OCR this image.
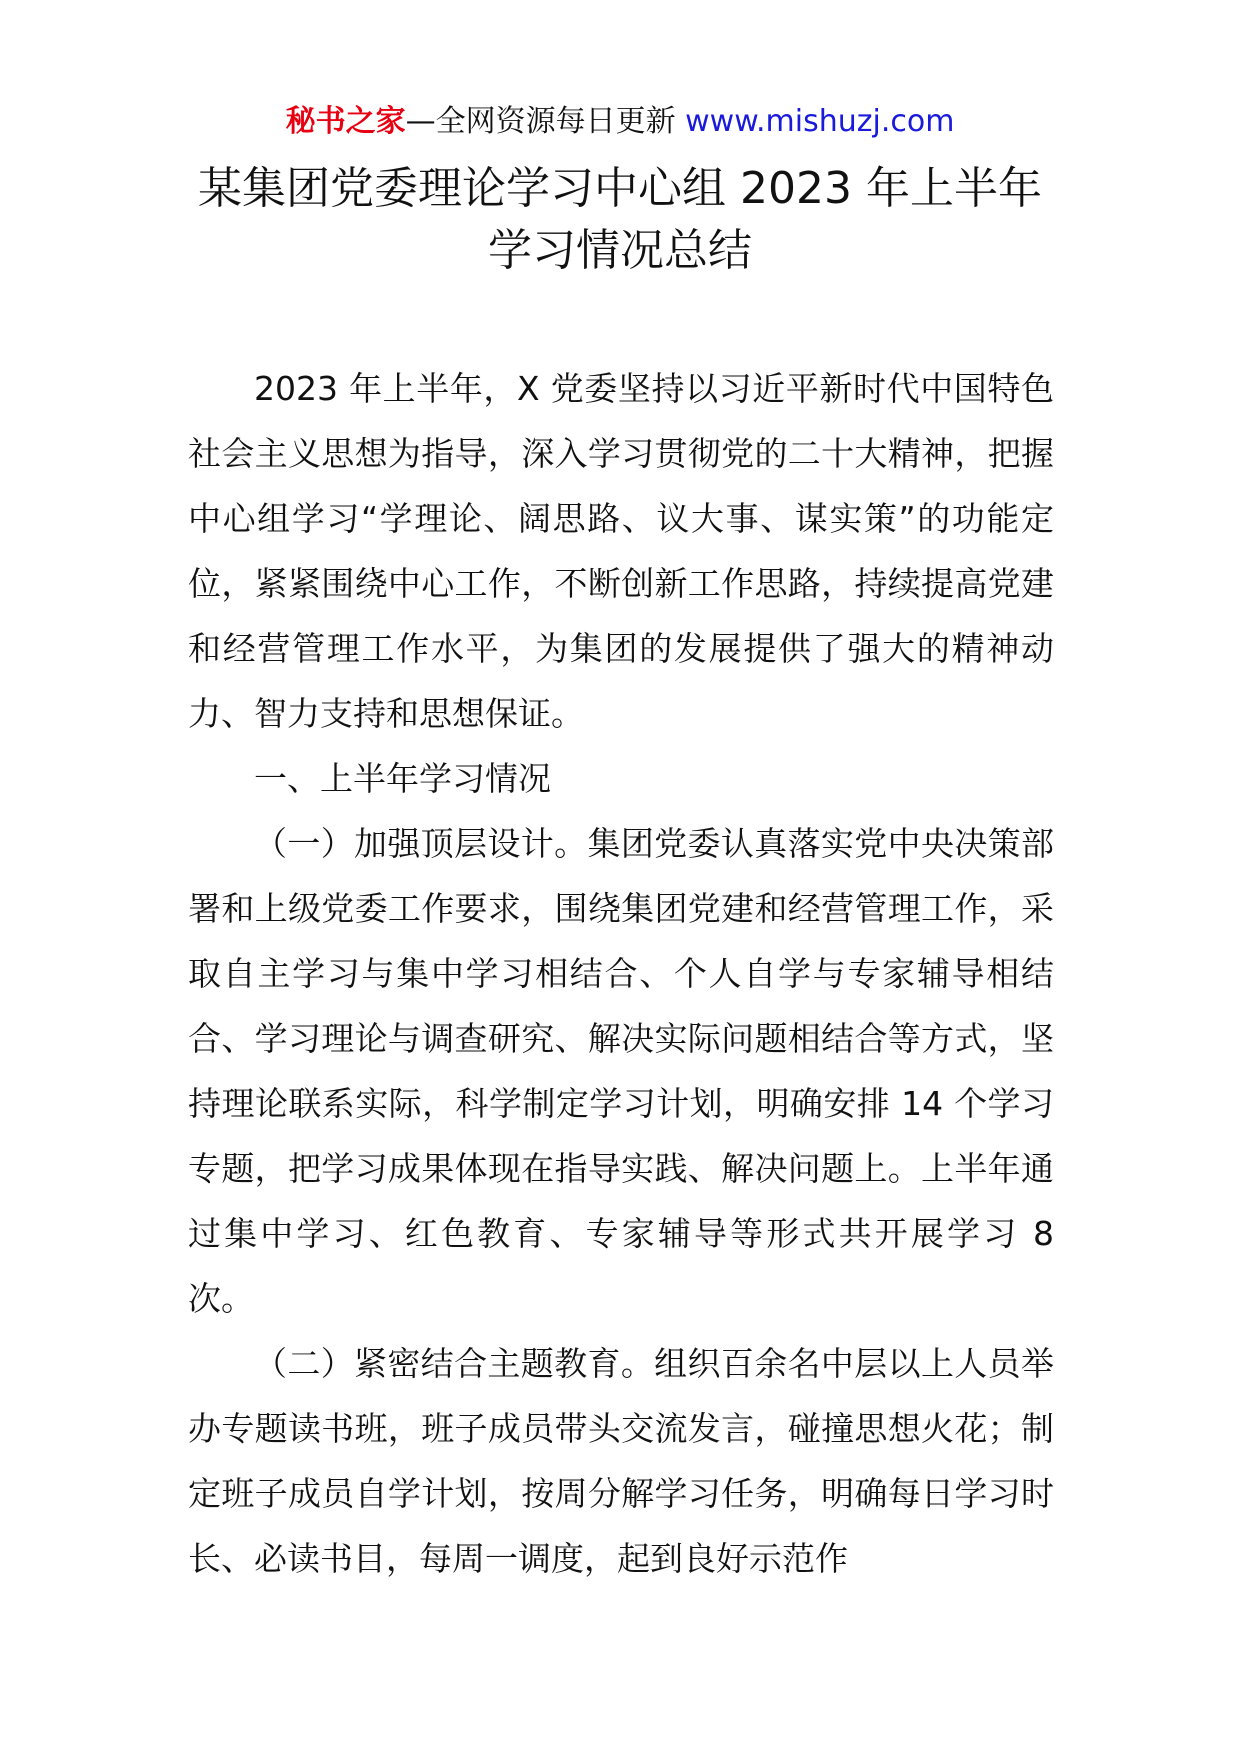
秘书之家—全网资源每日更新 www.mishuzj.com
某集团党委理论学习中心组 2023 年上半年
学习情况总结

2023 年上半年，X 党委坚持以习近平新时代中国特色社会主义思想为指导，深入学习贯彻党的二十大精神，把握中心组学习“学理论、阔思路、议大事、谋实策”的功能定位，紧紧围绕中心工作，不断创新工作思路，持续提高党建和经营管理工作水平，为集团的发展提供了强大的精神动力、智力支持和思想保证。

一、上半年学习情况

（一）加强顶层设计。集团党委认真落实党中央决策部署和上级党委工作要求，围绕集团党建和经营管理工作，采取自主学习与集中学习相结合、个人自学与专家辅导相结合、学习理论与调查研究、解决实际问题相结合等方式，坚持理论联系实际，科学制定学习计划，明确安排 14 个学习专题，把学习成果体现在指导实践、解决问题上。上半年通过集中学习、红色教育、专家辅导等形式共开展学习 8 次。

（二）紧密结合主题教育。组织百余名中层以上人员举办专题读书班，班子成员带头交流发言，碰撞思想火花；制定班子成员自学计划，按周分解学习任务，明确每日学习时长、必读书目，每周一调度，起到良好示范作
